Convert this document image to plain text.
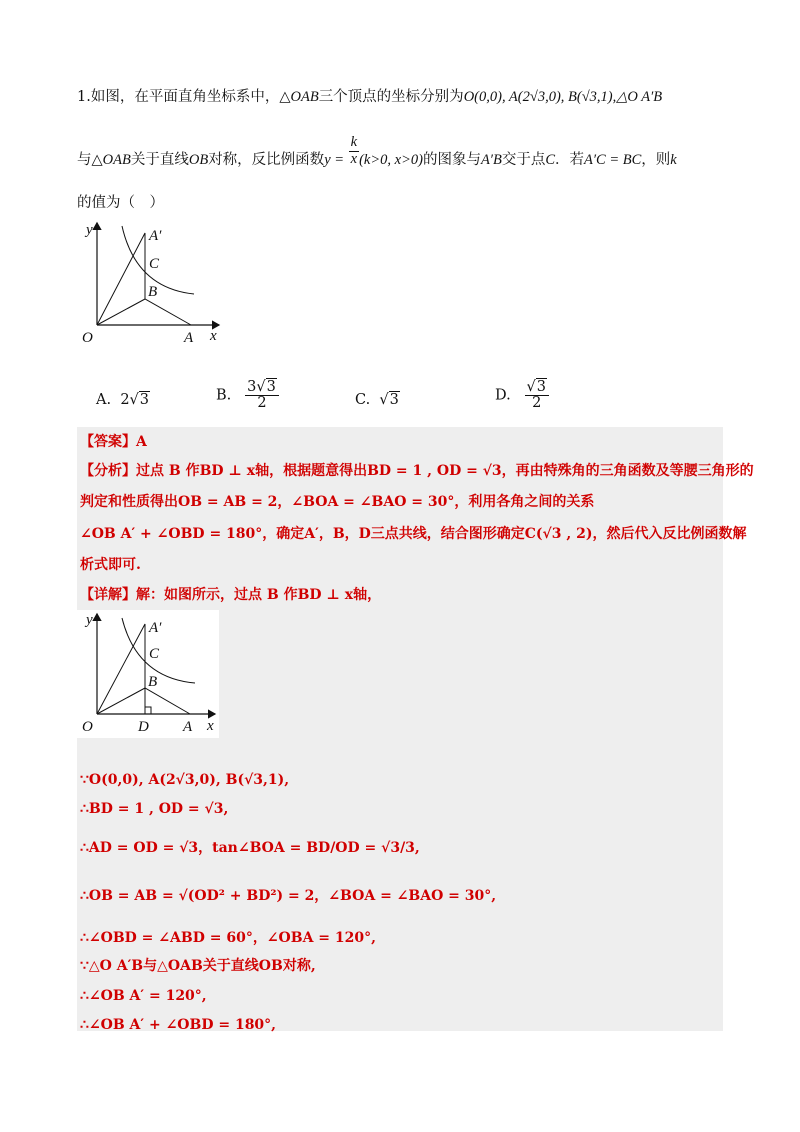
1.如图，在平面直角坐标系中，△OAB三个顶点的坐标分别为O(0,0), A(2√3,0), B(√3,1),△O A′B
与△OAB关于直线OB对称，反比例函数$y = \frac{k}{x} (k>0$, x>0)的图象与A′B交于点C．若A′C = BC，则k
的值为（　）
y
x
O	A
A′
C
B
A. 2√3	B. $\frac{3√3}{2}$	C.  √3	D. $\frac{√3}{2}$
【答案】A
【分析】过点 B 作BD ⊥ x轴，根据题意得出BD = 1 , OD = √3，再由特殊角的三角函数及等腰三角形的
判定和性质得出OB = AB = 2，∠BOA = ∠BAO = 30°，利用各角之间的关系
∠OB A′ + ∠OBD = 180°，确定A′，B，D三点共线，结合图形确定C(√3 , 2)，然后代入反比例函数解
析式即可.
【详解】解：如图所示，过点 B 作BD ⊥ x轴，
y
x
O	D A
A′
C
B
∵O(0,0), A(2√3,0), B(√3,1),
∴BD = 1 , OD = √3,
∴AD = OD = √3，tan∠BOA = BD/OD = √3/3,
∴OB = AB = √(OD² + BD²) = 2，∠BOA = ∠BAO = 30°,
∴∠OBD = ∠ABD = 60°，∠OBA = 120°,
∵△O A′B与△OAB关于直线OB对称,
∴∠OB A′ = 120°,
∴∠OB A′ + ∠OBD = 180°,
